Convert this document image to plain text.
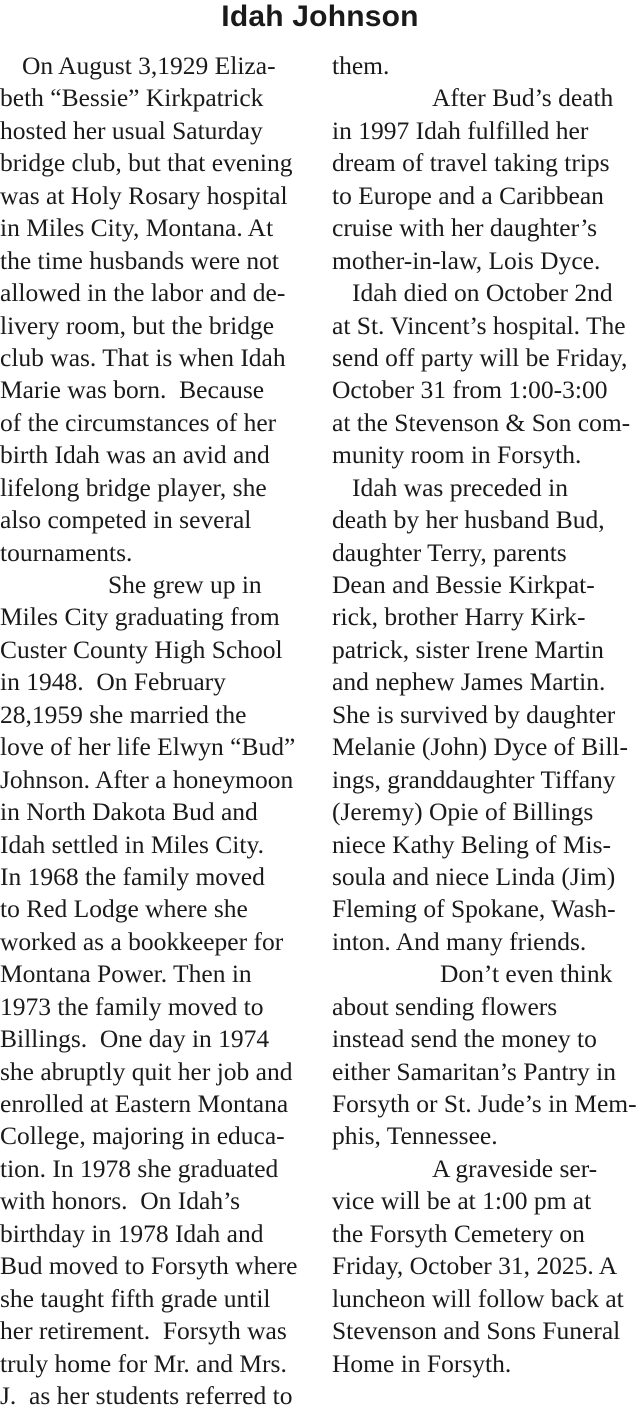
Idah Johnson
On August 3,1929 Eliza-
beth “Bessie” Kirkpatrick
hosted her usual Saturday
bridge club, but that evening
was at Holy Rosary hospital
in Miles City, Montana. At
the time husbands were not
allowed in the labor and de-
livery room, but the bridge
club was. That is when Idah
Marie was born.  Because
of the circumstances of her
birth Idah was an avid and
lifelong bridge player, she
also competed in several
tournaments.
She grew up in
Miles City graduating from
Custer County High School
in 1948.  On February
28,1959 she married the
love of her life Elwyn “Bud”
Johnson. After a honeymoon
in North Dakota Bud and
Idah settled in Miles City.
In 1968 the family moved
to Red Lodge where she
worked as a bookkeeper for
Montana Power. Then in
1973 the family moved to
Billings.  One day in 1974
she abruptly quit her job and
enrolled at Eastern Montana
College, majoring in educa-
tion. In 1978 she graduated
with honors.  On Idah’s
birthday in 1978 Idah and
Bud moved to Forsyth where
she taught fifth grade until
her retirement.  Forsyth was
truly home for Mr. and Mrs.
J.  as her students referred to
them.
After Bud’s death
in 1997 Idah fulfilled her
dream of travel taking trips
to Europe and a Caribbean
cruise with her daughter’s
mother-in-law, Lois Dyce.
Idah died on October 2nd
at St. Vincent’s hospital. The
send off party will be Friday,
October 31 from 1:00-3:00
at the Stevenson & Son com-
munity room in Forsyth.
Idah was preceded in
death by her husband Bud,
daughter Terry, parents
Dean and Bessie Kirkpat-
rick, brother Harry Kirk-
patrick, sister Irene Martin
and nephew James Martin.
She is survived by daughter
Melanie (John) Dyce of Bill-
ings, granddaughter Tiffany
(Jeremy) Opie of Billings
niece Kathy Beling of Mis-
soula and niece Linda (Jim)
Fleming of Spokane, Wash-
inton. And many friends.
Don’t even think
about sending flowers
instead send the money to
either Samaritan’s Pantry in
Forsyth or St. Jude’s in Mem-
phis, Tennessee.
A graveside ser-
vice will be at 1:00 pm at
the Forsyth Cemetery on
Friday, October 31, 2025. A
luncheon will follow back at
Stevenson and Sons Funeral
Home in Forsyth.
